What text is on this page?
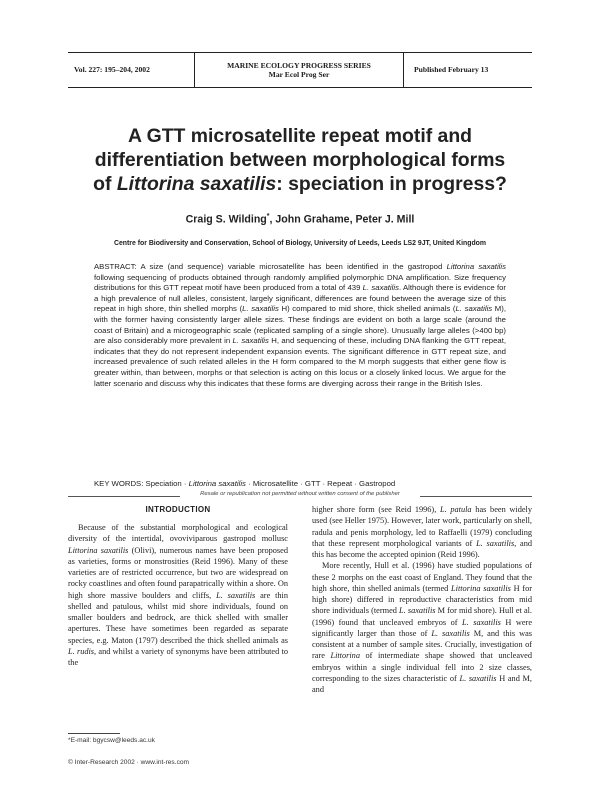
Vol. 227: 195–204, 2002
MARINE ECOLOGY PROGRESS SERIES
Mar Ecol Prog Ser
Published February 13
A GTT microsatellite repeat motif and
differentiation between morphological forms
of Littorina saxatilis: speciation in progress?
Craig S. Wilding*, John Grahame, Peter J. Mill
Centre for Biodiversity and Conservation, School of Biology, University of Leeds, Leeds LS2 9JT, United Kingdom

ABSTRACT: A size (and sequence) variable microsatellite has been identified in the gastropod Littorina saxatilis following sequencing of products obtained through randomly amplified polymorphic DNA amplification. Size frequency distributions for this GTT repeat motif have been produced from a total of 439 L. saxatilis. Although there is evidence for a high prevalence of null alleles, consistent, largely significant, differences are found between the average size of this repeat in high shore, thin shelled morphs (L. saxatilis H) compared to mid shore, thick shelled animals (L. saxatilis M), with the former having consistently larger allele sizes. These findings are evident on both a large scale (around the coast of Britain) and a microgeographic scale (replicated sampling of a single shore). Unusually large alleles (>400 bp) are also considerably more prevalent in L. saxatilis H, and sequencing of these, including DNA flanking the GTT repeat, indicates that they do not represent independent expansion events. The significant difference in GTT repeat size, and increased prevalence of such related alleles in the H form compared to the M morph suggests that either gene flow is greater within, than between, morphs or that selection is acting on this locus or a closely linked locus. We argue for the latter scenario and discuss why this indicates that these forms are diverging across their range in the British Isles.

KEY WORDS: Speciation · Littorina saxatilis · Microsatellite · GTT · Repeat · Gastropod
Resale or republication not permitted without written consent of the publisher
INTRODUCTION

Because of the substantial morphological and ecological diversity of the intertidal, ovoviviparous gastropod mollusc Littorina saxatilis (Olivi), numerous names have been proposed as varieties, forms or monstrosities (Reid 1996). Many of these varieties are of restricted occurrence, but two are widespread on rocky coastlines and often found parapatrically within a shore. On high shore massive boulders and cliffs, L. saxatilis are thin shelled and patulous, whilst mid shore individuals, found on smaller boulders and bedrock, are thick shelled with smaller apertures. These have sometimes been regarded as separate species, e.g. Maton (1797) described the thick shelled animals as L. rudis, and whilst a variety of synonyms have been attributed to the

higher shore form (see Reid 1996), L. patula has been widely used (see Heller 1975). However, later work, particularly on shell, radula and penis morphology, led to Raffaelli (1979) concluding that these represent morphological variants of L. saxatilis, and this has become the accepted opinion (Reid 1996).

More recently, Hull et al. (1996) have studied populations of these 2 morphs on the east coast of England. They found that the high shore, thin shelled animals (termed Littorina saxatilis H for high shore) differed in reproductive characteristics from mid shore individuals (termed L. saxatilis M for mid shore). Hull et al. (1996) found that uncleaved embryos of L. saxatilis H were significantly larger than those of L. saxatilis M, and this was consistent at a number of sample sites. Crucially, investigation of rare Littorina of intermediate shape showed that uncleaved embryos within a single individual fell into 2 size classes, corresponding to the sizes characteristic of L. saxatilis H and M, and

*E-mail: bgycsw@leeds.ac.uk
© Inter-Research 2002 · www.int-res.com
